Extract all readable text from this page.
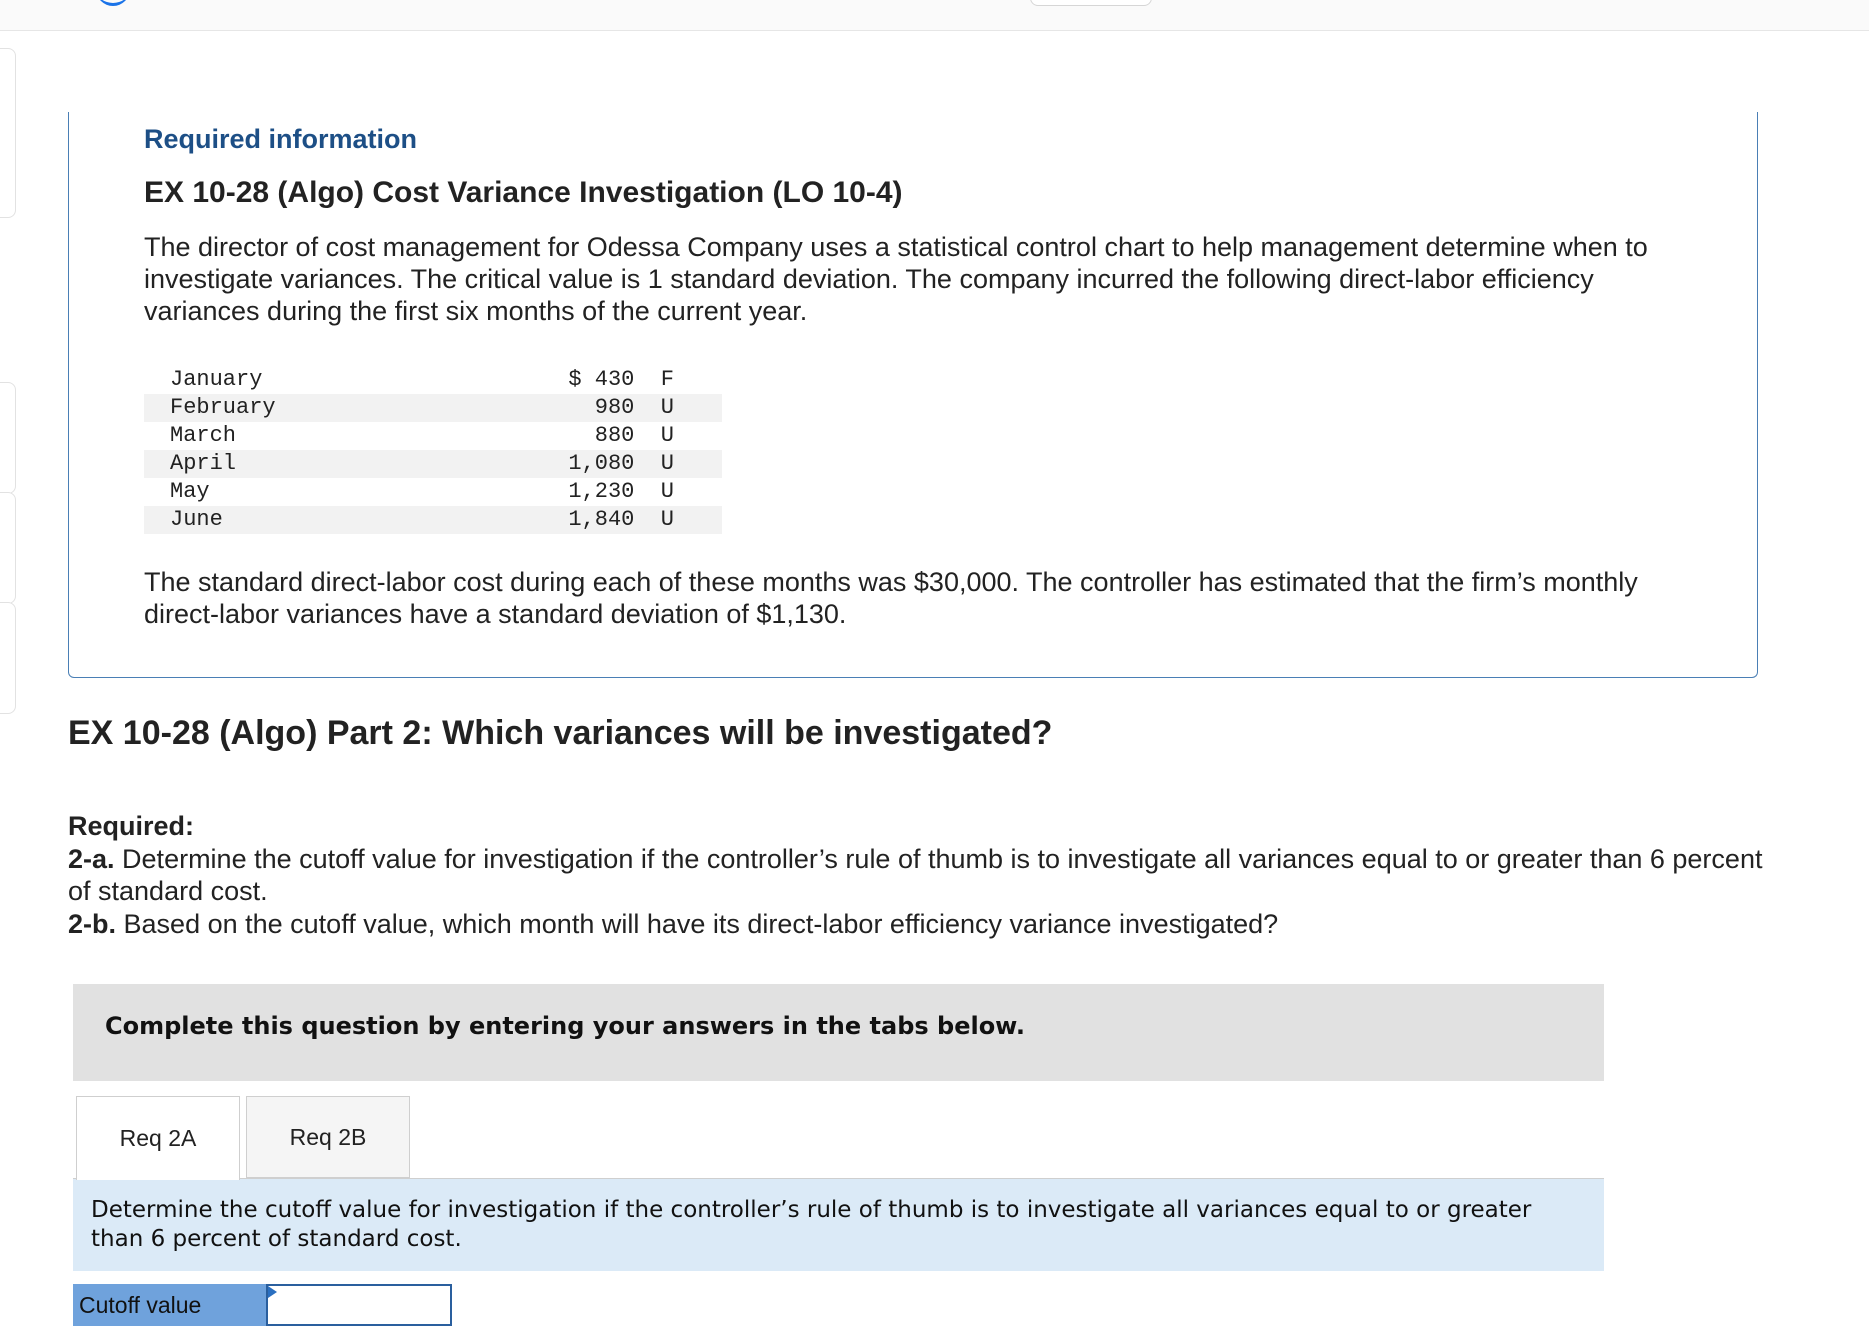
Required information
EX 10-28 (Algo) Cost Variance Investigation (LO 10-4)

The director of cost management for Odessa Company uses a statistical control chart to help management determine when to investigate variances. The critical value is 1 standard deviation. The company incurred the following direct-labor efficiency variances during the first six months of the current year.

January	$ 430  F
February	980  U
March	880  U
April	1,080  U
May	1,230  U
June	1,840  U

The standard direct-labor cost during each of these months was $30,000. The controller has estimated that the firm’s monthly direct-labor variances have a standard deviation of $1,130.

EX 10-28 (Algo) Part 2: Which variances will be investigated?
Required:
2-a. Determine the cutoff value for investigation if the controller’s rule of thumb is to investigate all variances equal to or greater than 6 percent of standard cost.
2-b. Based on the cutoff value, which month will have its direct-labor efficiency variance investigated?
Complete this question by entering your answers in the tabs below.
Req 2A	Req 2B
Determine the cutoff value for investigation if the controller’s rule of thumb is to investigate all variances equal to or greater than 6 percent of standard cost.
Cutoff value
